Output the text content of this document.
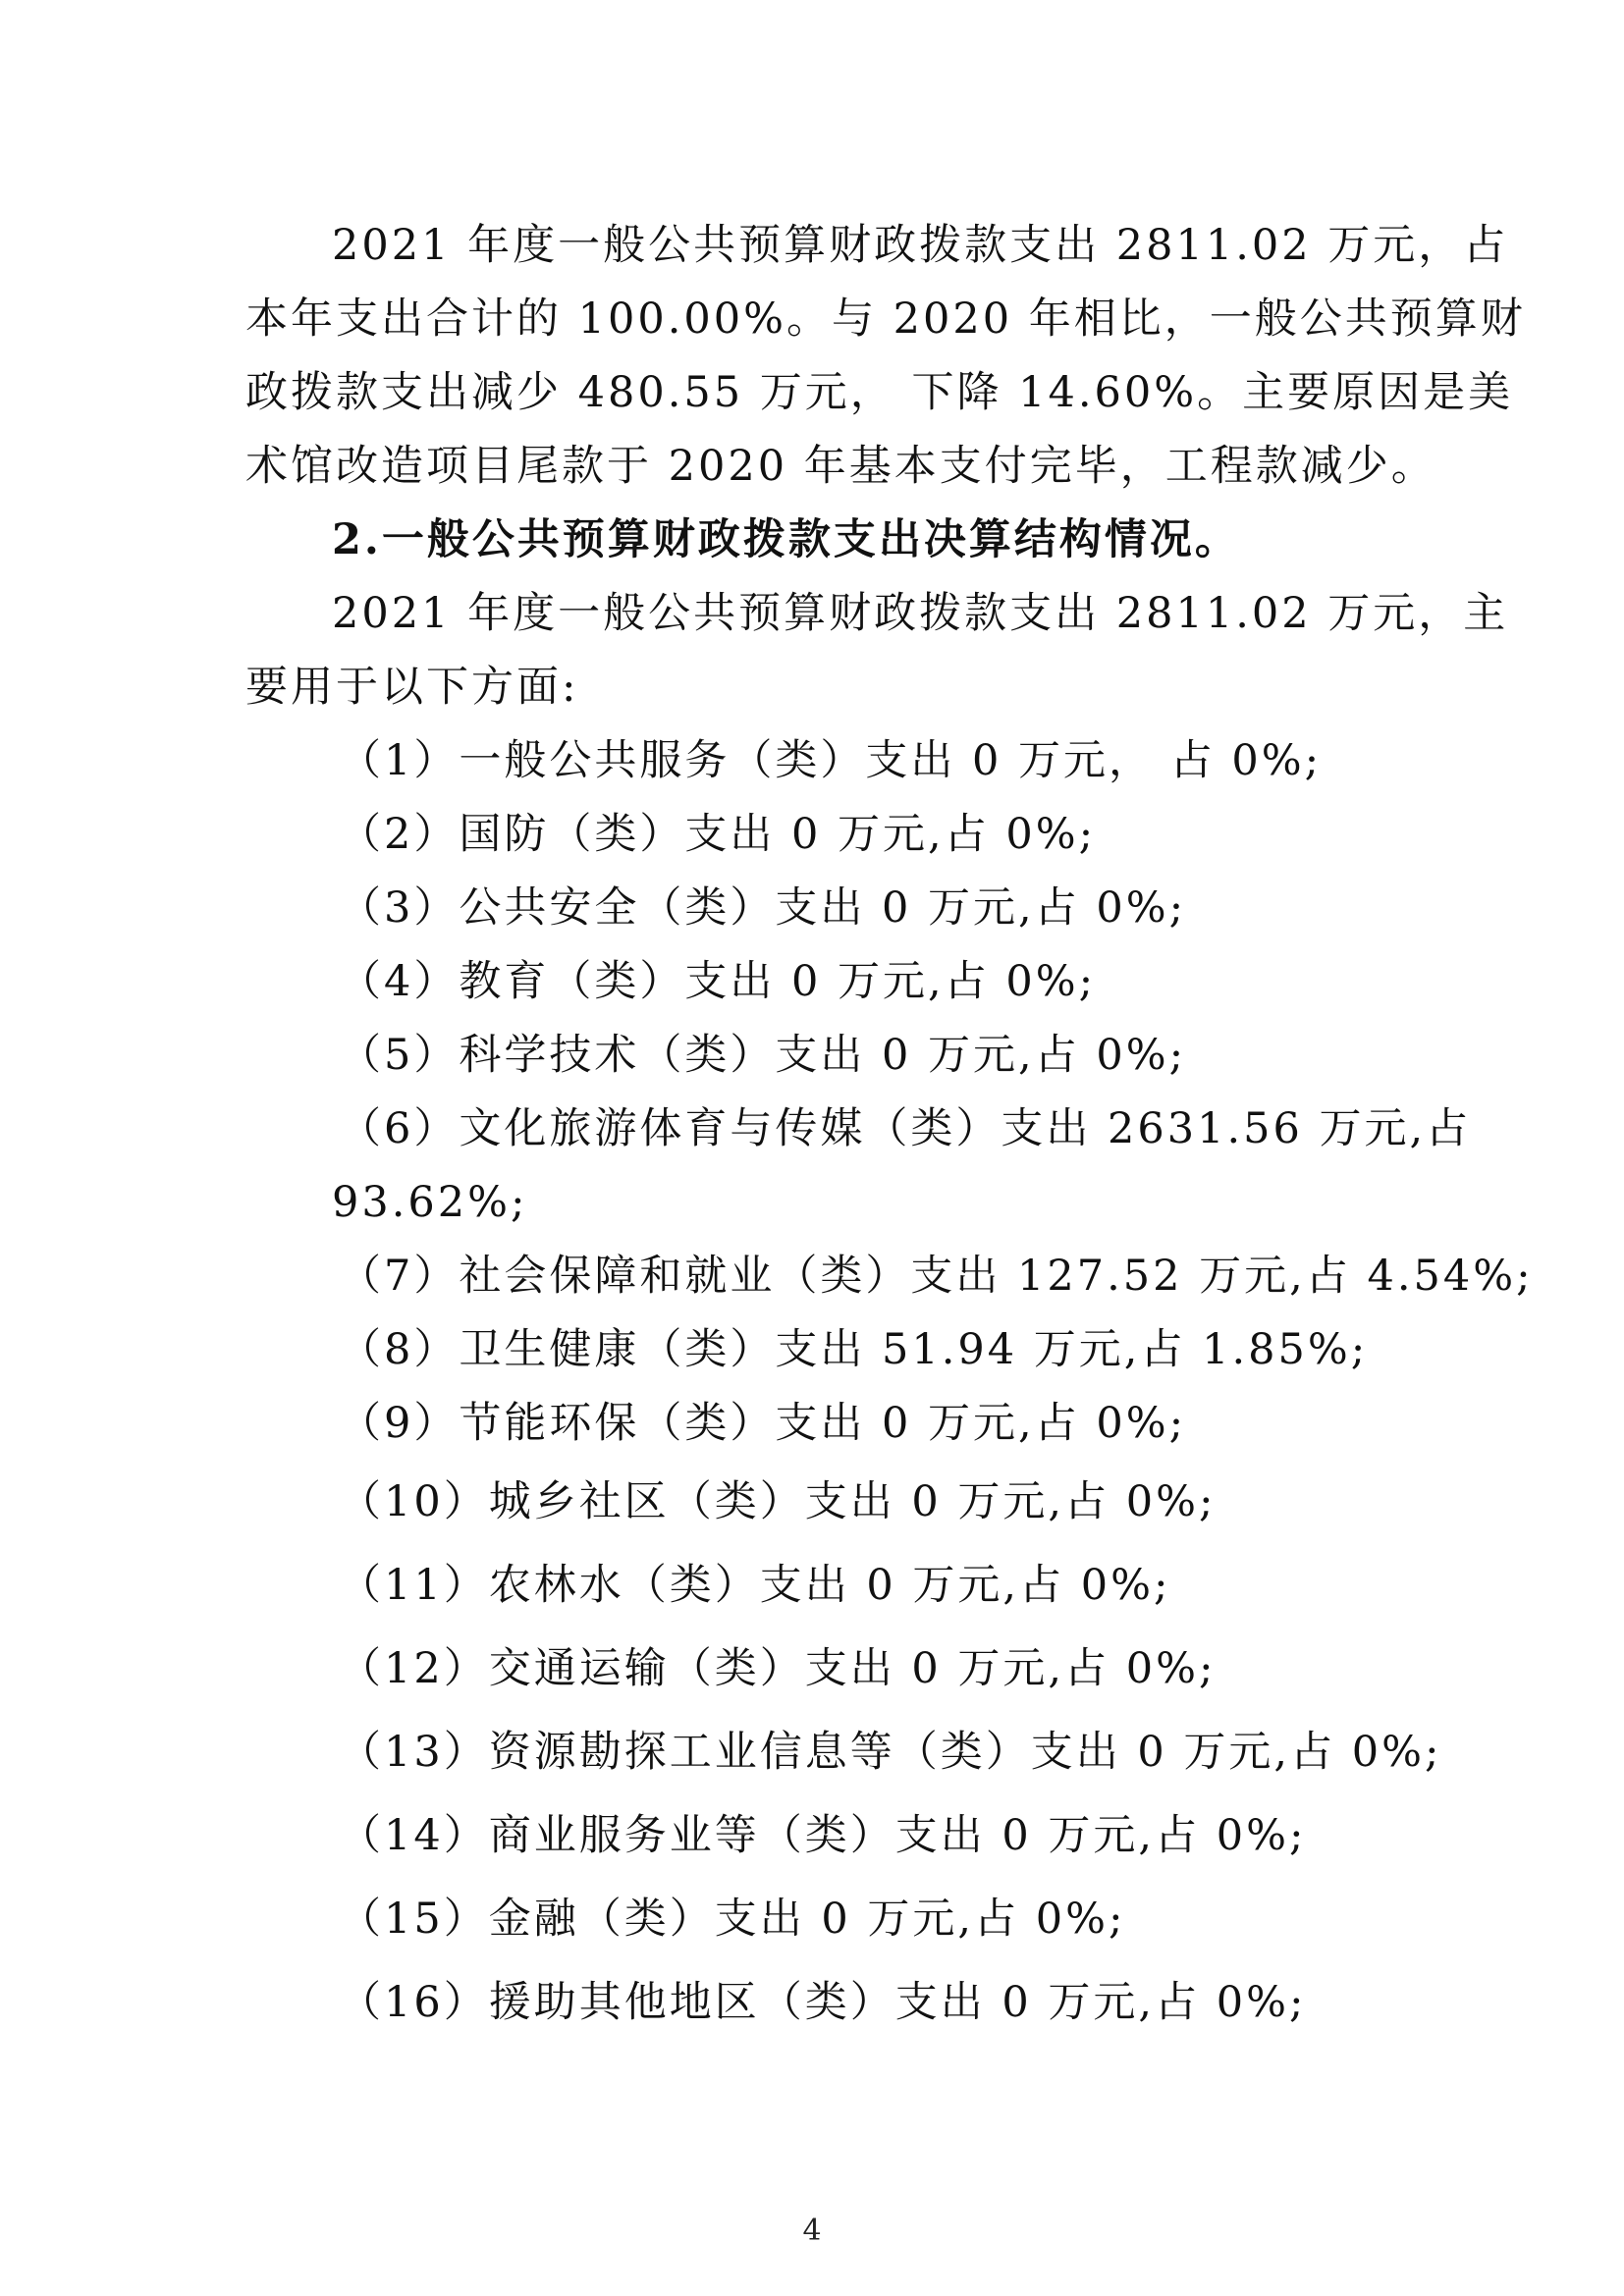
2021 年度一般公共预算财政拨款支出 2811.02 万元，占
本年支出合计的 100.00%。与 2020 年相比，一般公共预算财
政拨款支出减少 480.55 万元， 下降 14.60%。主要原因是美
术馆改造项目尾款于 2020 年基本支付完毕，工程款减少。
2.一般公共预算财政拨款支出决算结构情况。
2021 年度一般公共预算财政拨款支出 2811.02 万元，主
要用于以下方面:
（1）一般公共服务（类）支出 0 万元， 占 0%;
（2）国防（类）支出 0 万元,占 0%;
（3）公共安全（类）支出 0 万元,占 0%;
（4）教育（类）支出 0 万元,占 0%;
（5）科学技术（类）支出 0 万元,占 0%;
（6）文化旅游体育与传媒（类）支出 2631.56 万元,占
93.62%;
（7）社会保障和就业（类）支出 127.52 万元,占 4.54%;
（8）卫生健康（类）支出 51.94 万元,占 1.85%;
（9）节能环保（类）支出 0 万元,占 0%;
（10）城乡社区（类）支出 0 万元,占 0%;
（11）农林水（类）支出 0 万元,占 0%;
（12）交通运输（类）支出 0 万元,占 0%;
（13）资源勘探工业信息等（类）支出 0 万元,占 0%;
（14）商业服务业等（类）支出 0 万元,占 0%;
（15）金融（类）支出 0 万元,占 0%;
（16）援助其他地区（类）支出 0 万元,占 0%;
4
